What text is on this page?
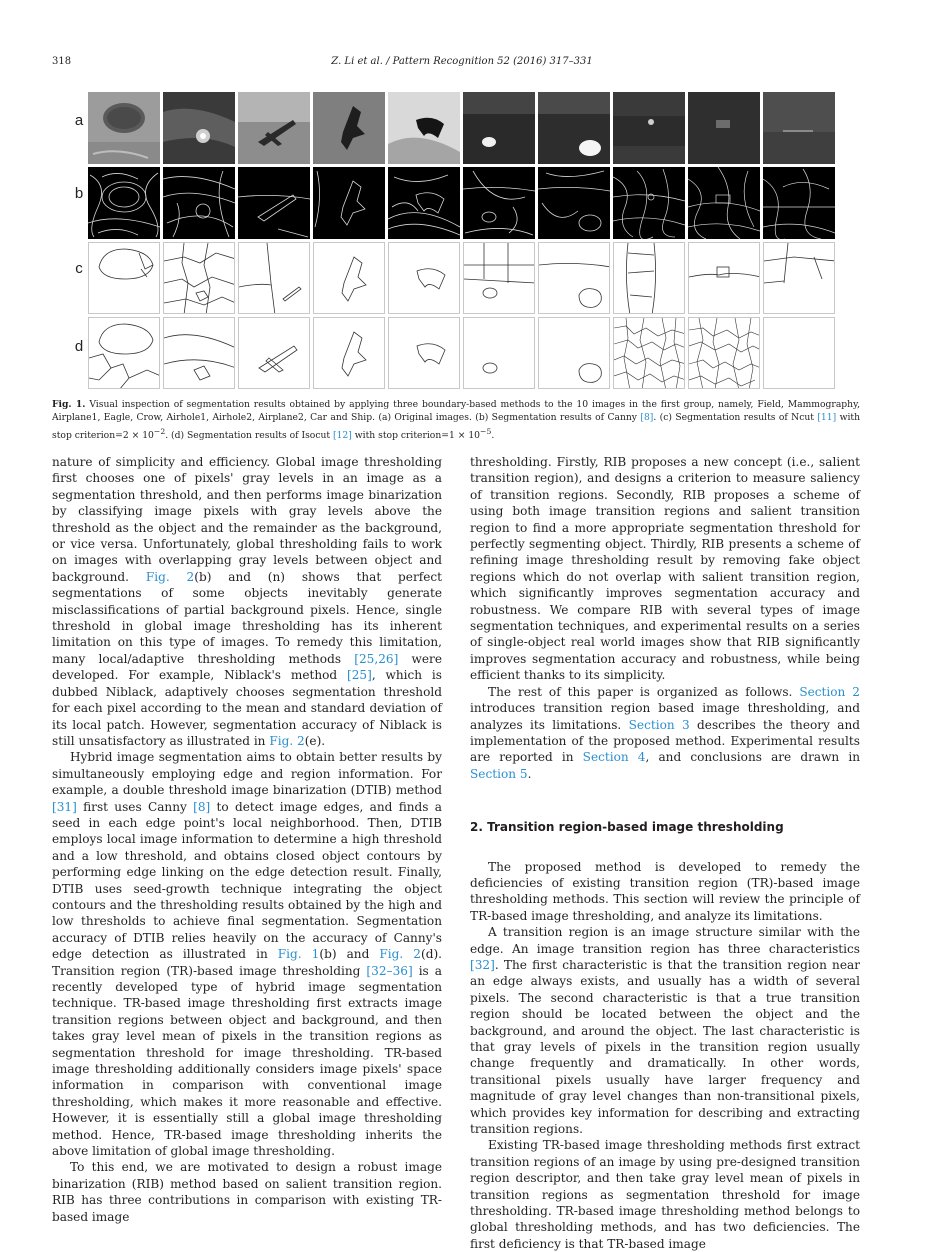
318	Z. Li et al. / Pattern Recognition 52 (2016) 317–331
a
b
c
d
Fig. 1. Visual inspection of segmentation results obtained by applying three boundary-based methods to the 10 images in the first group, namely, Field, Mammography, Airplane1, Eagle, Crow, Airhole1, Airhole2, Airplane2, Car and Ship. (a) Original images. (b) Segmentation results of Canny [8]. (c) Segmentation results of Ncut [11] with stop criterion=2 × $10^{-2}$. (d) Segmentation results of Isocut [12] with stop criterion=1 × $10^{-5}$.

nature of simplicity and efficiency. Global image thresholding first chooses one of pixels' gray levels in an image as a segmentation threshold, and then performs image binarization by classifying image pixels with gray levels above the threshold as the object and the remainder as the background, or vice versa. Unfortunately, global thresholding fails to work on images with overlapping gray levels between object and background. Fig. 2(b) and (n) shows that perfect segmentations of some objects inevitably generate misclassifications of partial background pixels. Hence, single threshold in global image thresholding has its inherent limitation on this type of images. To remedy this limitation, many local/adaptive thresholding methods [25,26] were developed. For example, Niblack's method [25], which is dubbed Niblack, adaptively chooses segmentation threshold for each pixel according to the mean and standard deviation of its local patch. However, segmentation accuracy of Niblack is still unsatisfactory as illustrated in Fig. 2(e).

Hybrid image segmentation aims to obtain better results by simultaneously employing edge and region information. For example, a double threshold image binarization (DTIB) method [31] first uses Canny [8] to detect image edges, and finds a seed in each edge point's local neighborhood. Then, DTIB employs local image information to determine a high threshold and a low threshold, and obtains closed object contours by performing edge linking on the edge detection result. Finally, DTIB uses seed-growth technique integrating the object contours and the thresholding results obtained by the high and low thresholds to achieve final segmentation. Segmentation accuracy of DTIB relies heavily on the accuracy of Canny's edge detection as illustrated in Fig. 1(b) and Fig. 2(d). Transition region (TR)-based image thresholding [32–36] is a recently developed type of hybrid image segmentation technique. TR-based image thresholding first extracts image transition regions between object and background, and then takes gray level mean of pixels in the transition regions as segmentation threshold for image thresholding. TR-based image thresholding additionally considers image pixels' space information in comparison with conventional image thresholding, which makes it more reasonable and effective. However, it is essentially still a global image thresholding method. Hence, TR-based image thresholding inherits the above limitation of global image thresholding.

To this end, we are motivated to design a robust image binarization (RIB) method based on salient transition region. RIB has three contributions in comparison with existing TR-based image

thresholding. Firstly, RIB proposes a new concept (i.e., salient transition region), and designs a criterion to measure saliency of transition regions. Secondly, RIB proposes a scheme of using both image transition regions and salient transition region to find a more appropriate segmentation threshold for perfectly segmenting object. Thirdly, RIB presents a scheme of refining image thresholding result by removing fake object regions which do not overlap with salient transition region, which significantly improves segmentation accuracy and robustness. We compare RIB with several types of image segmentation techniques, and experimental results on a series of single-object real world images show that RIB significantly improves segmentation accuracy and robustness, while being efficient thanks to its simplicity.

The rest of this paper is organized as follows. Section 2 introduces transition region based image thresholding, and analyzes its limitations. Section 3 describes the theory and implementation of the proposed method. Experimental results are reported in Section 4, and conclusions are drawn in Section 5.

2. Transition region-based image thresholding

The proposed method is developed to remedy the deficiencies of existing transition region (TR)-based image thresholding methods. This section will review the principle of TR-based image thresholding, and analyze its limitations.

A transition region is an image structure similar with the edge. An image transition region has three characteristics [32]. The first characteristic is that the transition region near an edge always exists, and usually has a width of several pixels. The second characteristic is that a true transition region should be located between the object and the background, and around the object. The last characteristic is that gray levels of pixels in the transition region usually change frequently and dramatically. In other words, transitional pixels usually have larger frequency and magnitude of gray level changes than non-transitional pixels, which provides key information for describing and extracting transition regions.

Existing TR-based image thresholding methods first extract transition regions of an image by using pre-designed transition region descriptor, and then take gray level mean of pixels in transition regions as segmentation threshold for image thresholding. TR-based image thresholding method belongs to global thresholding methods, and has two deficiencies. The first deficiency is that TR-based image
